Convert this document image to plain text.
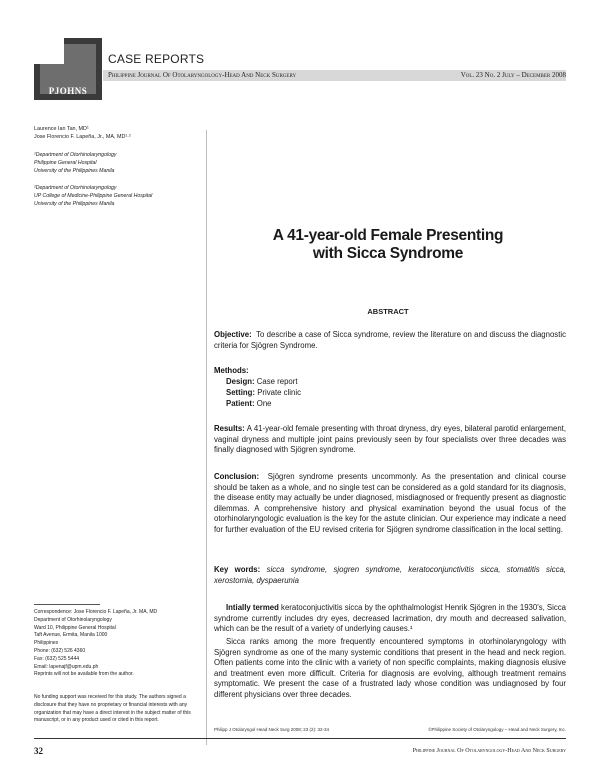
PJOHNS
CASE REPORTS
Philippine Journal Of Otolaryngology-Head And Neck Surgery	Vol. 23 No. 2 July – December 2008
Laurence Ian Tan, MD¹
Jose Florencio F. Lapeña, Jr., MA, MD¹·²
¹Department of Otorhinolaryngology
Philippine General Hospital
University of the Philippines Manila
²Department of Otorhinolaryngology
UP College of Medicine-Philippine General Hospital
University of the Philippines Manila
A 41-year-old Female Presenting
with Sicca Syndrome
ABSTRACT
Objective: To describe a case of Sicca syndrome, review the literature on and discuss the diagnostic criteria for Sjögren Syndrome.
Methods:
Design: Case report
Setting: Private clinic
Patient: One
Results: A 41-year-old female presenting with throat dryness, dry eyes, bilateral parotid enlargement, vaginal dryness and multiple joint pains previously seen by four specialists over three decades was finally diagnosed with Sjögren syndrome.
Conclusion: Sjögren syndrome presents uncommonly. As the presentation and clinical course should be taken as a whole, and no single test can be considered as a gold standard for its diagnosis, the disease entity may actually be under diagnosed, misdiagnosed or frequently present as diagnostic dilemmas. A comprehensive history and physical examination beyond the usual focus of the otorhinolaryngologic evaluation is the key for the astute clinician. Our experience may indicate a need for further evaluation of the EU revised criteria for Sjögren syndrome classification in the local setting.
Key words: sicca syndrome, sjogren syndrome, keratoconjunctivitis sicca, stomatitis sicca, xerostomia, dyspaerunia
Intially termed keratoconjuctivitis sicca by the ophthalmologist Henrik Sjögren in the 1930's, Sicca syndrome currently includes dry eyes, decreased lacrimation, dry mouth and decreased salivation, which can be the result of a variety of underlying causes.¹
Sicca ranks among the more frequently encountered symptoms in otorhinolaryngology with Sjögren syndrome as one of the many systemic conditions that present in the head and neck region. Often patients come into the clinic with a variety of non specific complaints, making diagnosis elusive and treatment even more difficult. Criteria for diagnosis are evolving, although treatment remains symptomatic. We present the case of a frustrated lady whose condition was undiagnosed by four different physicians over three decades.
Correspondence: Jose Florencio F. Lapeña, Jr. MA, MD
Department of Otorhinolaryngology
Ward 10, Philippine General Hospital
Taft Avenue, Ermita, Manila 1000
Philippines
Phone: (632) 526 4360
Fax: (632) 525 5444
Email: lapenajf@upm.edu.ph
Reprints will not be available from the author.
No funding support was received for this study. The authors signed a disclosure that they have no proprietary or financial interests with any organization that may have a direct interest in the subject matter of this manuscript, or in any product used or cited in this report.
Philipp J Otolaryngol Head Neck Surg 2008; 23 (2): 32-34	©Philippine Society of Otolaryngology – Head and Neck Surgery, Inc.
32	Philippine Journal Of Otolaryngology-Head And Neck Surgery
